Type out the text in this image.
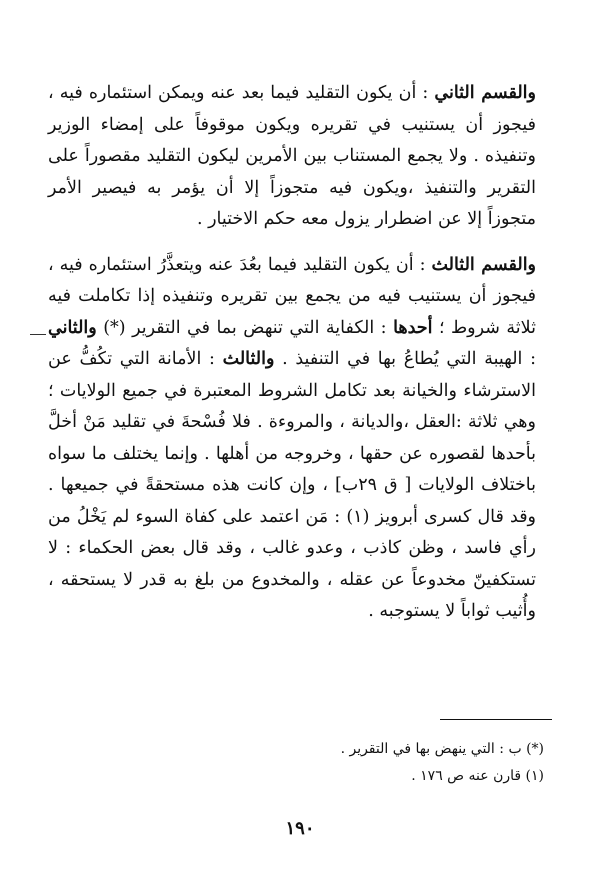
والقسم الثاني : أن يكون التقليد فيما بعد عنه ويمكن استئماره فيه ، فيجوز أن يستنيب في تقريره ويكون موقوفاً على إمضاء الوزير وتنفيذه . ولا يجمع المستناب بين الأمرين ليكون التقليد مقصوراً على التقرير والتنفيذ ،ويكون فيه متجوزاً إلا أن يؤمر به فيصير الأمر متجوزاً إلا عن اضطرار يزول معه حكم الاختيار .

والقسم الثالث : أن يكون التقليد فيما بعُدَ عنه ويتعذَّرُ استئماره فيه ، فيجوز أن يستنيب فيه من يجمع بين تقريره وتنفيذه إذا تكاملت فيه ثلاثة شروط ؛ أحدها : الكفاية التي تنهض بما في التقرير (*) والثاني : الهيبة التي يُطاعُ بها في التنفيذ . والثالث : الأمانة التي تكُفُّ عن الاسترشاء والخيانة بعد تكامل الشروط المعتبرة في جميع الولايات ؛ وهي ثلاثة :العقل ،والديانة ، والمروءة . فلا فُسْحةَ في تقليد مَنْ أخلَّ بأحدها لقصوره عن حقها ، وخروجه من أهلها . وإنما يختلف ما سواه باختلاف الولايات [ ق ٢٩ب] ، وإن كانت هذه مستحقةً في جميعها . وقد قال كسرى أبرويز (١) : مَن اعتمد على كفاة السوء لم يَخْلُ من رأي فاسد ، وظن كاذب ، وعدو غالب ، وقد قال بعض الحكماء : لا تستكفينّ مخدوعاً عن عقله ، والمخدوع من بلغ به قدر لا يستحقه ، وأُثيب ثواباً لا يستوجبه .

(*) ب : التي ينهض بها في التقرير .

(١) قارن عنه ص ١٧٦ .

١٩٠
